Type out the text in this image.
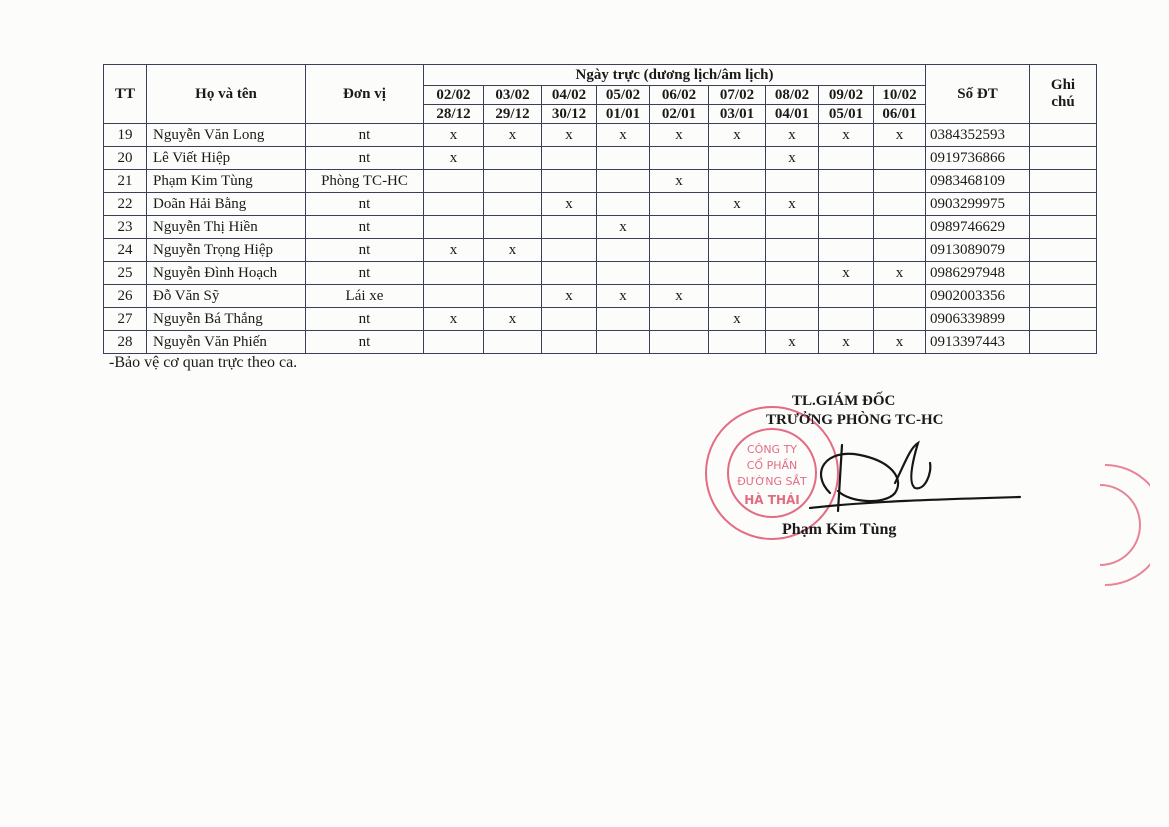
TT	Họ và tên	Đơn vị	Ngày trực (dương lịch/âm lịch)									Số ĐT	Ghi
chú
			02/02	03/02	04/02	05/02	06/02	07/02	08/02	09/02	10/02		
			28/12	29/12	30/12	01/01	02/01	03/01	04/01	05/01	06/01		
19	Nguyễn Văn Long	nt	x	x	x	x	x	x	x	x	x	0384352593	
20	Lê Viết Hiệp	nt	x						x			0919736866	
21	Phạm Kim Tùng	Phòng TC-HC					x					0983468109	
22	Doãn Hải Bằng	nt			x			x	x			0903299975	
23	Nguyễn Thị Hiền	nt				x						0989746629	
24	Nguyễn Trọng Hiệp	nt	x	x								0913089079	
25	Nguyễn Đình Hoạch	nt								x	x	0986297948	
26	Đỗ Văn Sỹ	Lái xe			x	x	x					0902003356	
27	Nguyễn Bá Thắng	nt	x	x				x				0906339899	
28	Nguyễn Văn Phiến	nt							x	x	x	0913397443	
-Bảo vệ cơ quan trực theo ca.
CÔNG TY
CỔ PHẦN
ĐƯỜNG SẮT
HÀ THÁI
TL.GIÁM ĐỐC
TRƯỞNG PHÒNG TC-HC
Phạm Kim Tùng
